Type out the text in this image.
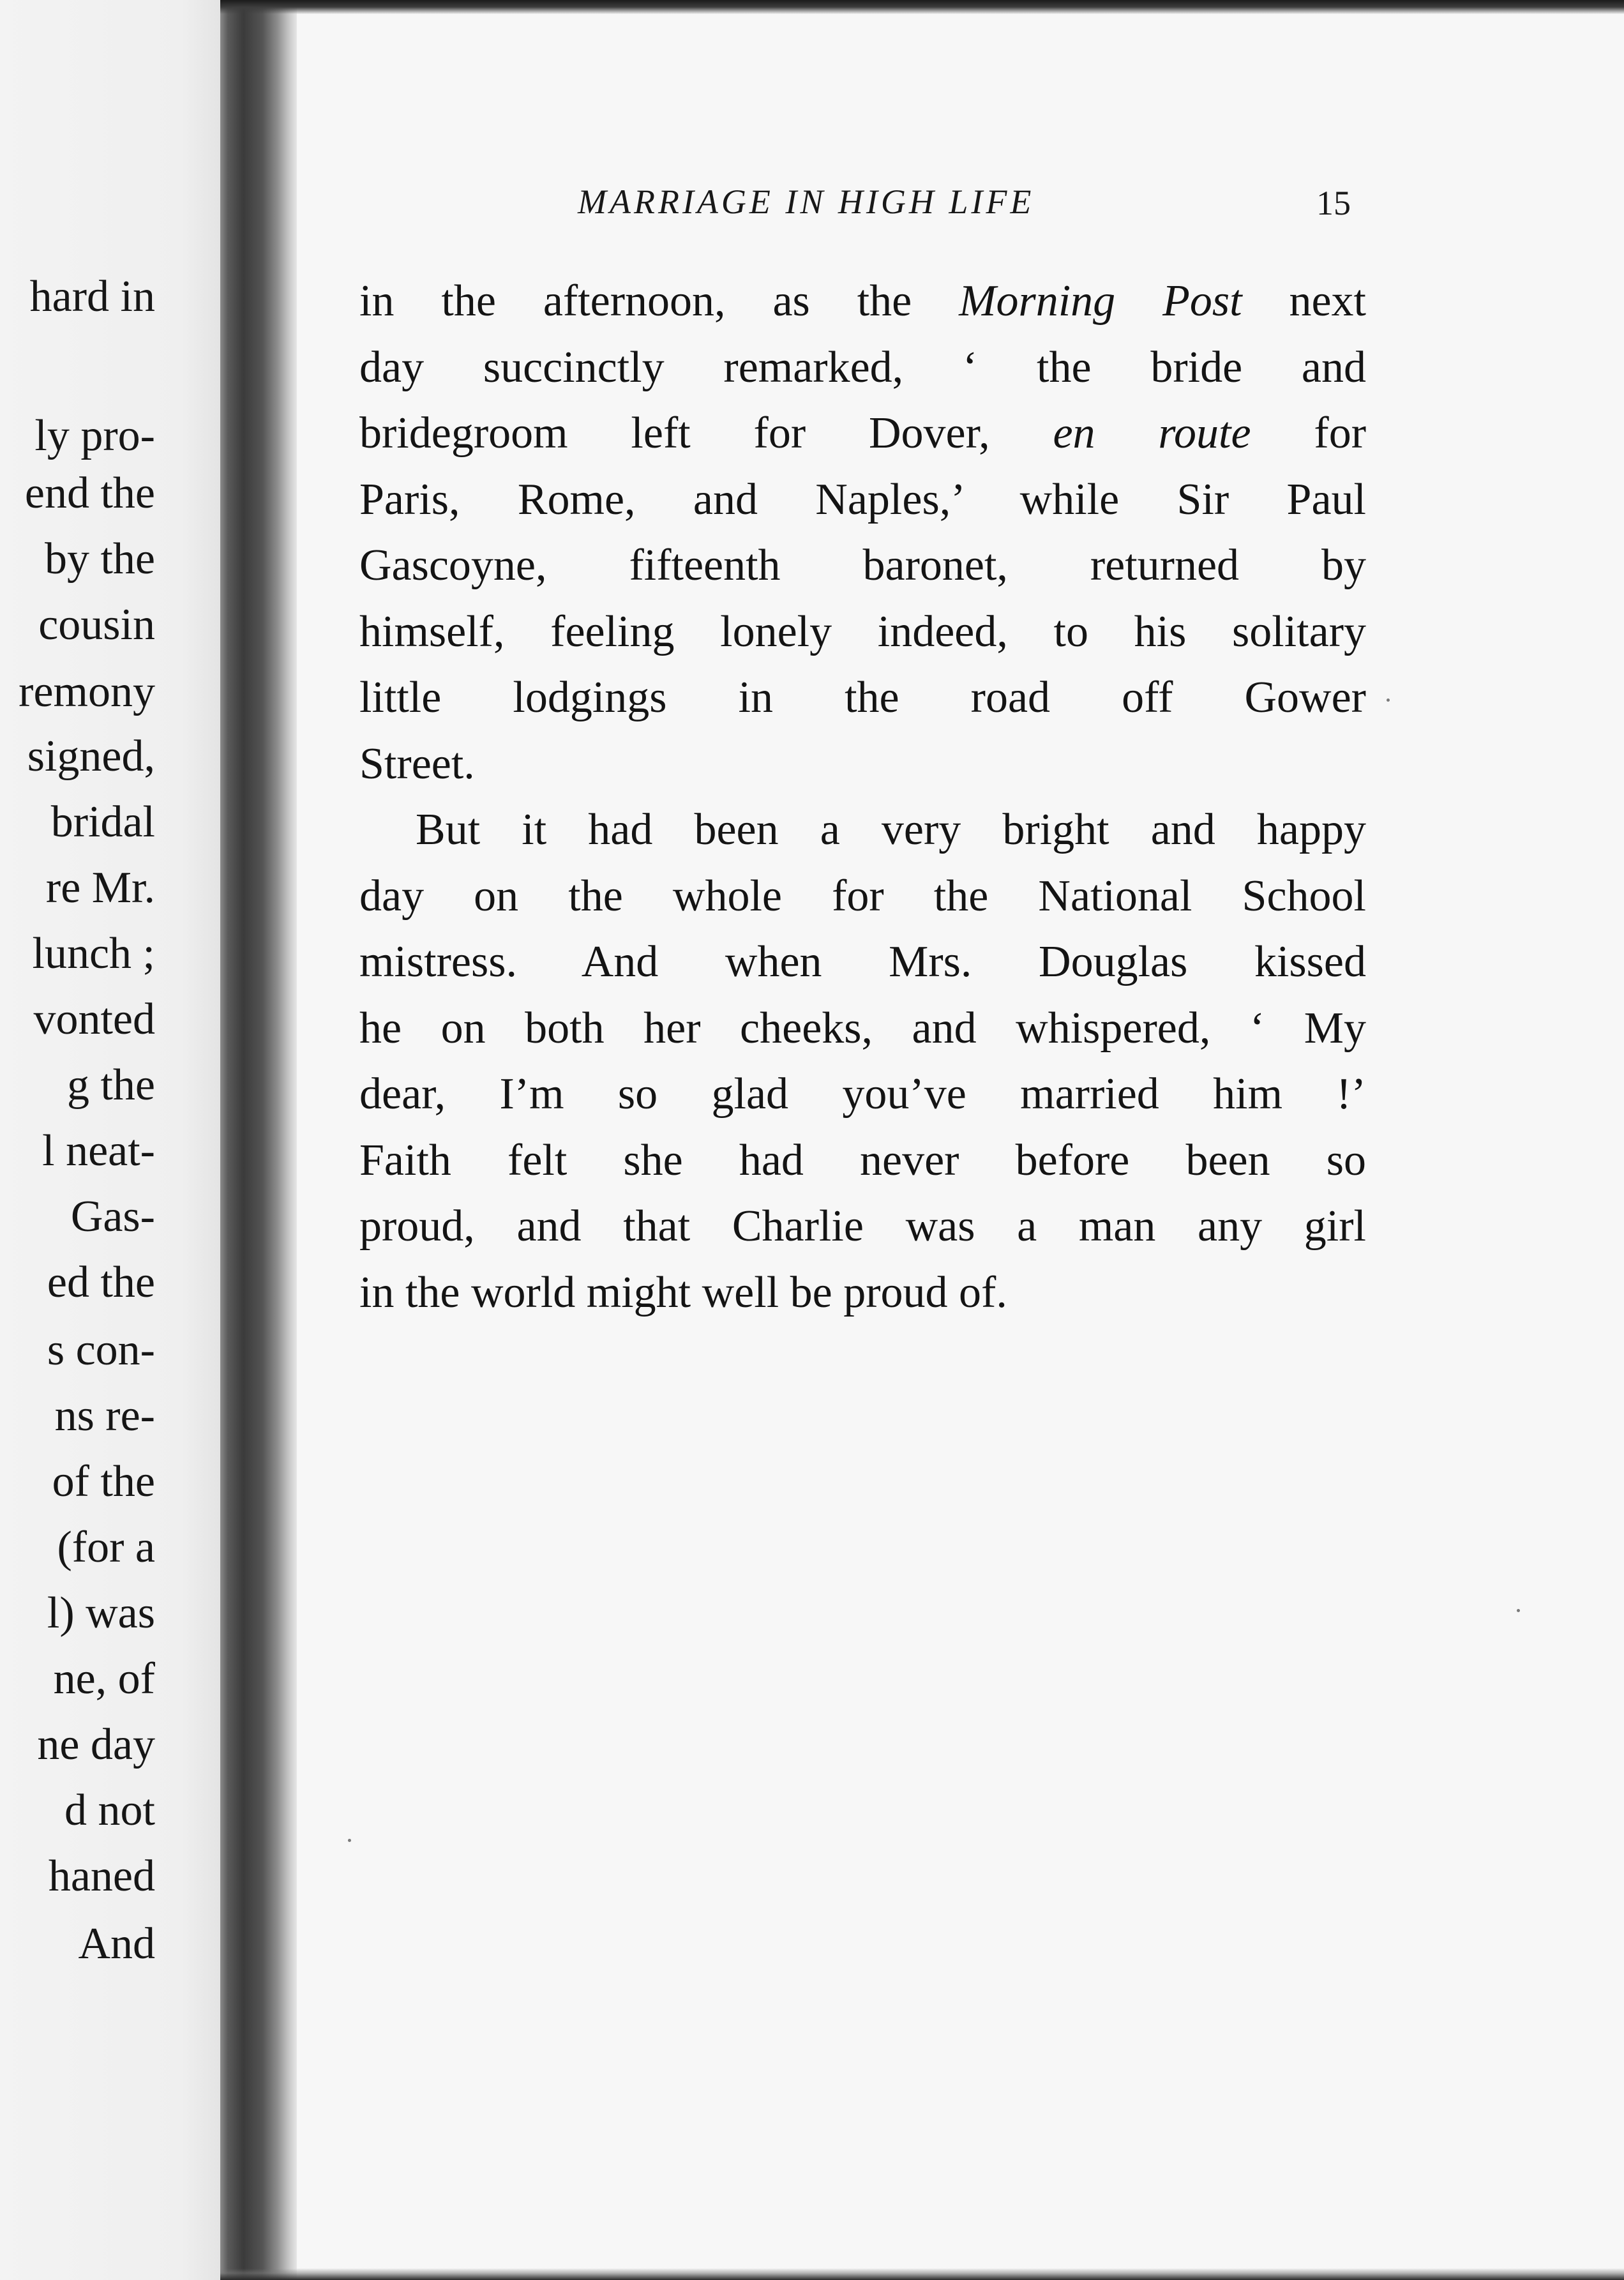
hard in
ly pro-
end the
by the
cousin
remony
signed,
bridal
re Mr.
lunch ;
vonted
g the
l neat-
Gas-
ed the
s con-
ns re-
of the
(for a
l) was
ne, of
ne day
d not
haned
And
MARRIAGE IN HIGH LIFE	15
in the afternoon, as the Morning Post next
day succinctly remarked, ‘ the bride and
bridegroom left for Dover, en route for
Paris, Rome, and Naples,’ while Sir Paul
Gascoyne, fifteenth baronet, returned by
himself, feeling lonely indeed, to his solitary
little lodgings in the road off Gower
Street.
But it had been a very bright and happy
day on the whole for the National School
mistress. And when Mrs. Douglas kissed
he on both her cheeks, and whispered, ‘ My
dear, I’m so glad you’ve married him !’
Faith felt she had never before been so
proud, and that Charlie was a man any girl
in the world might well be proud of.
